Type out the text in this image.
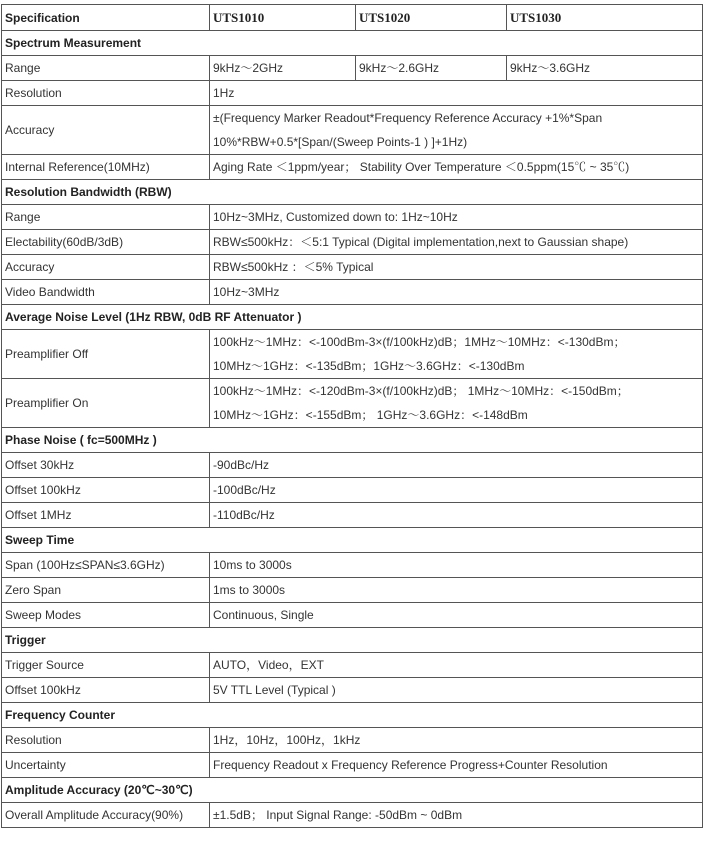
Specification	UTS1010	UTS1020	UTS1030
Spectrum Measurement			
Range	9kHz～2GHz	9kHz～2.6GHz	9kHz～3.6GHz
Resolution	1Hz		

Accuracy	±(Frequency Marker Readout*Frequency Reference Accuracy +1%*Span
10%*RBW+0.5*[Span/(Sweep Points-1 ) ]+1Hz)		

Internal Reference(10MHz)	Aging Rate ＜1ppm/year； Stability Over Temperature ＜0.5ppm(15℃ ~ 35℃)		

Resolution Bandwidth (RBW)			
Range	10Hz~3MHz, Customized down to: 1Hz~10Hz		

Electability(60dB/3dB)	RBW≤500kHz：＜5:1 Typical (Digital implementation,next to Gaussian shape)		

Accuracy	RBW≤500kHz ：＜5% Typical		

Video Bandwidth	10Hz~3MHz		

Average Noise Level (1Hz RBW, 0dB RF Attenuator )			
Preamplifier Off	100kHz～1MHz：<-100dBm-3×(f/100kHz)dB；1MHz～10MHz：<-130dBm；
10MHz～1GHz：<-135dBm；1GHz～3.6GHz：<-130dBm		

Preamplifier On	100kHz～1MHz：<-120dBm-3×(f/100kHz)dB； 1MHz～10MHz：<-150dBm；
10MHz～1GHz：<-155dBm； 1GHz～3.6GHz：<-148dBm		

Phase Noise ( fc=500MHz )			
Offset 30kHz	-90dBc/Hz		

Offset 100kHz	-100dBc/Hz		

Offset 1MHz	-110dBc/Hz		

Sweep Time			
Span (100Hz≤SPAN≤3.6GHz)	10ms to 3000s		

Zero Span	1ms to 3000s		

Sweep Modes	Continuous, Single		

Trigger			
Trigger Source	AUTO，Video，EXT		

Offset 100kHz	5V TTL Level (Typical )		

Frequency Counter			
Resolution	1Hz，10Hz，100Hz，1kHz		

Uncertainty	Frequency Readout x Frequency Reference Progress+Counter Resolution		

Amplitude Accuracy (20℃~30℃)			
Overall Amplitude Accuracy(90%)	±1.5dB； Input Signal Range: -50dBm ~ 0dBm		
